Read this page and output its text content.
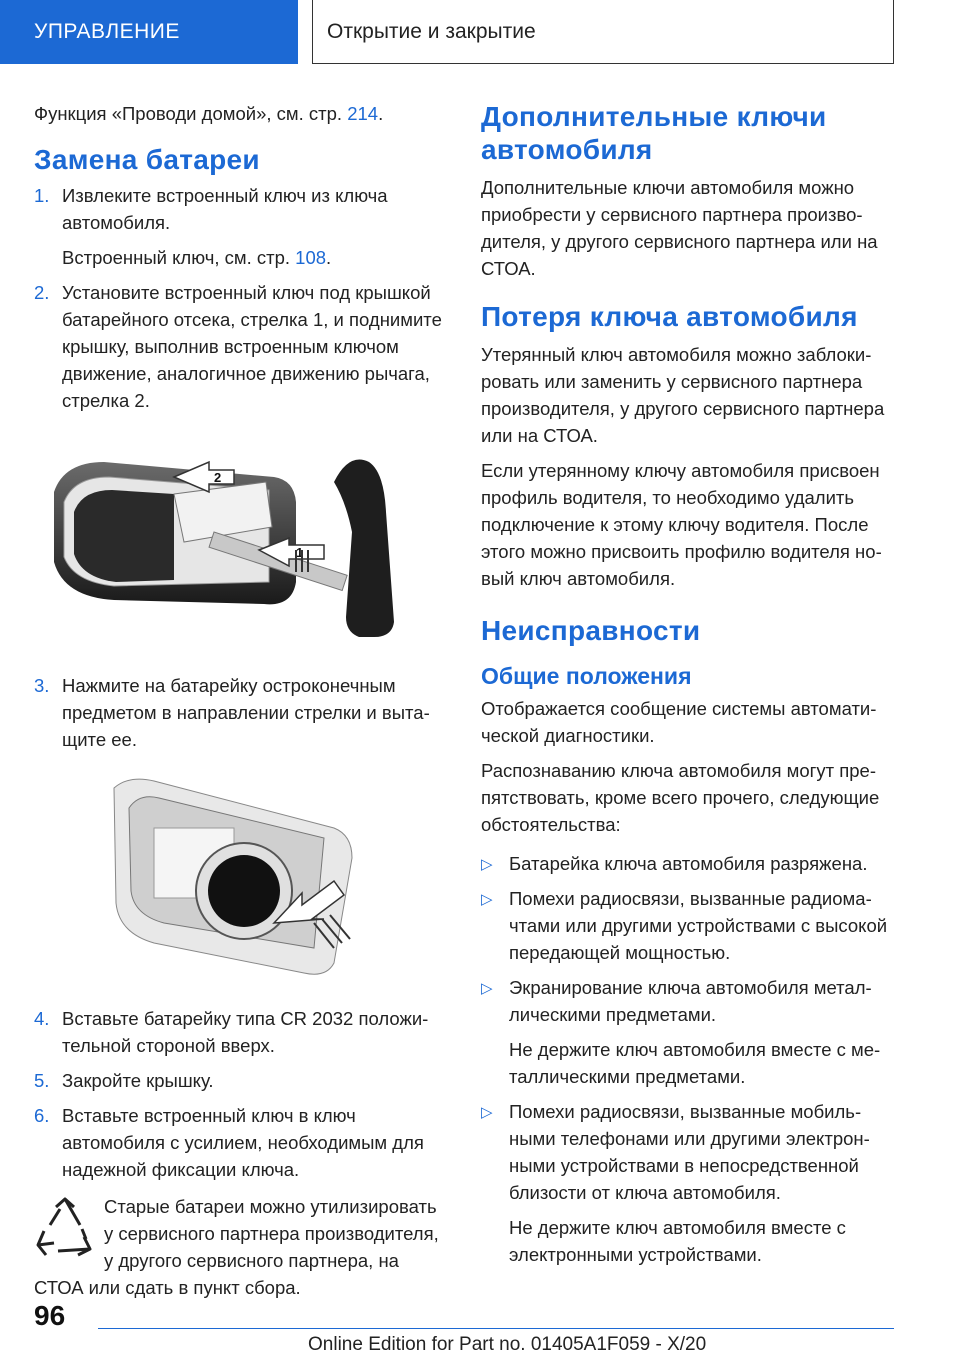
УПРАВЛЕНИЕ	Открытие и закрытие

Функция «Проводи домой», см. стр. 214.

Замена батареи
1. Извлеките встроенный ключ из ключа автомобиля.

Встроенный ключ, см. стр. 108.

2. Установите встроенный ключ под крышкой батарейного отсека, стрелка 1, и поднимите крышку, выполнив встроенным ключом движение, аналогичное движению рычага, стрелка 2.
2
1
3. Нажмите на батарейку остроконечным предметом в направлении стрелки и вытащите ее.
4. Вставьте батарейку типа CR 2032 положительной стороной вверх.
5. Закройте крышку.
6. Вставьте встроенный ключ в ключ автомобиля с усилием, необходимым для надежной фиксации ключа.
Старые батареи можно утилизировать у сервисного партнера производителя, у другого сервисного партнера, на СТОА или сдать в пункт сбора.
Дополнительные ключи автомобиля

Дополнительные ключи автомобиля можно приобрести у сервисного партнера производителя, у другого сервисного партнера или на СТОА.

Потеря ключа автомобиля

Утерянный ключ автомобиля можно заблокировать или заменить у сервисного партнера производителя, у другого сервисного партнера или на СТОА.

Если утерянному ключу автомобиля присвоен профиль водителя, то необходимо удалить подключение к этому ключу водителя. После этого можно присвоить профилю водителя новый ключ автомобиля.

Неисправности
Общие положения

Отображается сообщение системы автоматической диагностики.

Распознаванию ключа автомобиля могут препятствовать, кроме всего прочего, следующие обстоятельства:

▷ Батарейка ключа автомобиля разряжена.
▷ Помехи радиосвязи, вызванные радиомачтами или другими устройствами с высокой передающей мощностью.
▷ Экранирование ключа автомобиля металлическими предметами.

Не держите ключ автомобиля вместе с металлическими предметами.

▷ Помехи радиосвязи, вызванные мобильными телефонами или другими электронными устройствами в непосредственной близости от ключа автомобиля.

Не держите ключ автомобиля вместе с электронными устройствами.

96
Online Edition for Part no. 01405A1F059 - X/20
